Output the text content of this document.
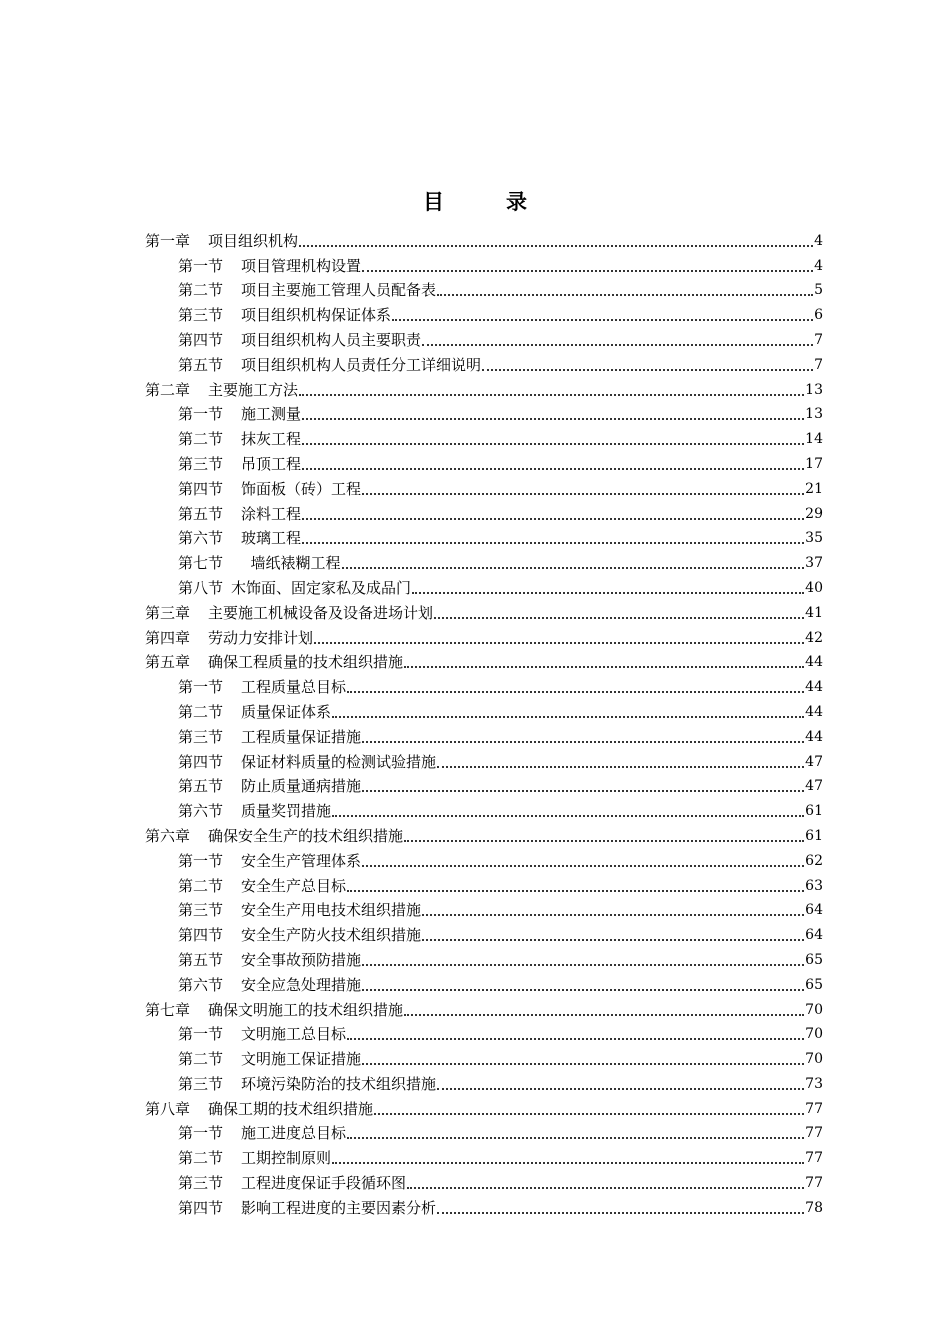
目	录
第一章 项目组织机构	4
第一节 项目管理机构设置	4
第二节 项目主要施工管理人员配备表	5
第三节 项目组织机构保证体系	6
第四节 项目组织机构人员主要职责	7
第五节 项目组织机构人员责任分工详细说明	7
第二章 主要施工方法	13
第一节 施工测量	13
第二节 抹灰工程	14
第三节 吊顶工程	17
第四节 饰面板（砖）工程	21
第五节 涂料工程	29
第六节 玻璃工程	35
第七节  墙纸裱糊工程	37
第八节 木饰面、固定家私及成品门	40
第三章 主要施工机械设备及设备进场计划	41
第四章 劳动力安排计划	42
第五章 确保工程质量的技术组织措施	44
第一节 工程质量总目标	44
第二节 质量保证体系	44
第三节 工程质量保证措施	44
第四节 保证材料质量的检测试验措施	47
第五节 防止质量通病措施	47
第六节 质量奖罚措施	61
第六章 确保安全生产的技术组织措施	61
第一节 安全生产管理体系	62
第二节 安全生产总目标	63
第三节 安全生产用电技术组织措施	64
第四节 安全生产防火技术组织措施	64
第五节 安全事故预防措施	65
第六节 安全应急处理措施	65
第七章 确保文明施工的技术组织措施	70
第一节 文明施工总目标	70
第二节 文明施工保证措施	70
第三节 环境污染防治的技术组织措施	73
第八章 确保工期的技术组织措施	77
第一节 施工进度总目标	77
第二节 工期控制原则	77
第三节 工程进度保证手段循环图	77
第四节 影响工程进度的主要因素分析	78
